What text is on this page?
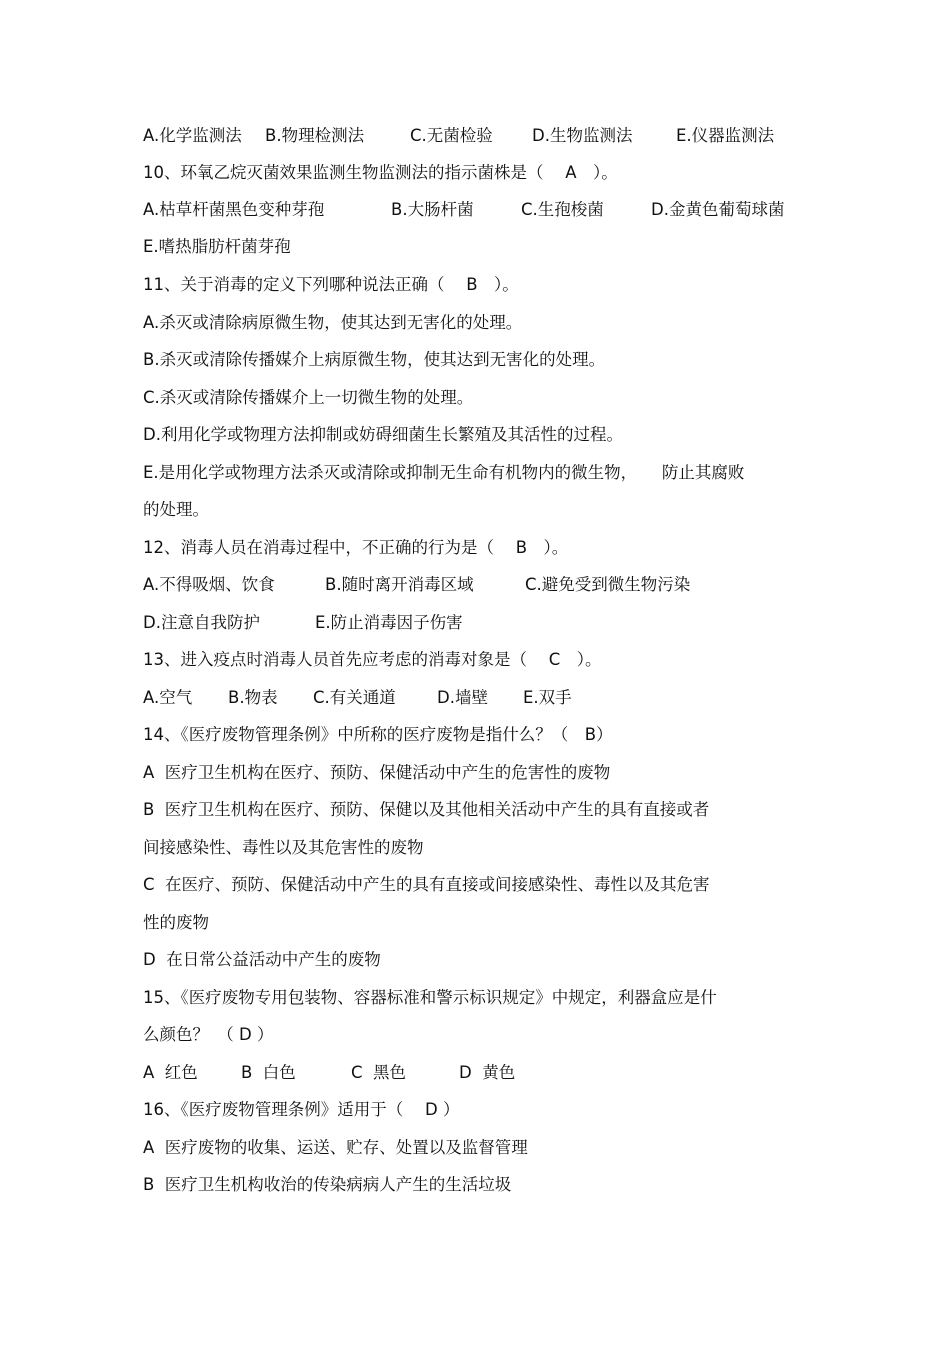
A.化学监测法 B.物理检测法	C.无菌检验 D.生物监测法	E.仪器监测法
10、环氧乙烷灭菌效果监测生物监测法的指示菌株是（　 A　）。
A.枯草杆菌黑色变种芽孢	B.大肠杆菌	C.生孢梭菌	D.金黄色葡萄球菌
E.嗜热脂肪杆菌芽孢
11、关于消毒的定义下列哪种说法正确（　 B　）。
A.杀灭或清除病原微生物，使其达到无害化的处理。
B.杀灭或清除传播媒介上病原微生物，使其达到无害化的处理。
C.杀灭或清除传播媒介上一切微生物的处理。
D.利用化学或物理方法抑制或妨碍细菌生长繁殖及其活性的过程。
E.是用化学或物理方法杀灭或清除或抑制无生命有机物内的微生物，　　防止其腐败
的处理。
12、消毒人员在消毒过程中，不正确的行为是（　 B　）。
A.不得吸烟、饮食	B.随时离开消毒区域	C.避免受到微生物污染
D.注意自我防护	E.防止消毒因子伤害
13、进入疫点时消毒人员首先应考虑的消毒对象是（　 C　）。
A.空气 B.物表 C.有关通道 D.墙壁 E.双手
14、《医疗废物管理条例》中所称的医疗废物是指什么？（　B）
A  医疗卫生机构在医疗、预防、保健活动中产生的危害性的废物
B  医疗卫生机构在医疗、预防、保健以及其他相关活动中产生的具有直接或者
间接感染性、毒性以及其危害性的废物
C  在医疗、预防、保健活动中产生的具有直接或间接感染性、毒性以及其危害
性的废物
D  在日常公益活动中产生的废物
15、《医疗废物专用包装物、容器标准和警示标识规定》中规定，利器盒应是什
么颜色？　（ D ）
A  红色	B  白色	C  黑色	D  黄色
16、《医疗废物管理条例》适用于（　 D ）
A  医疗废物的收集、运送、贮存、处置以及监督管理
B  医疗卫生机构收治的传染病病人产生的生活垃圾
